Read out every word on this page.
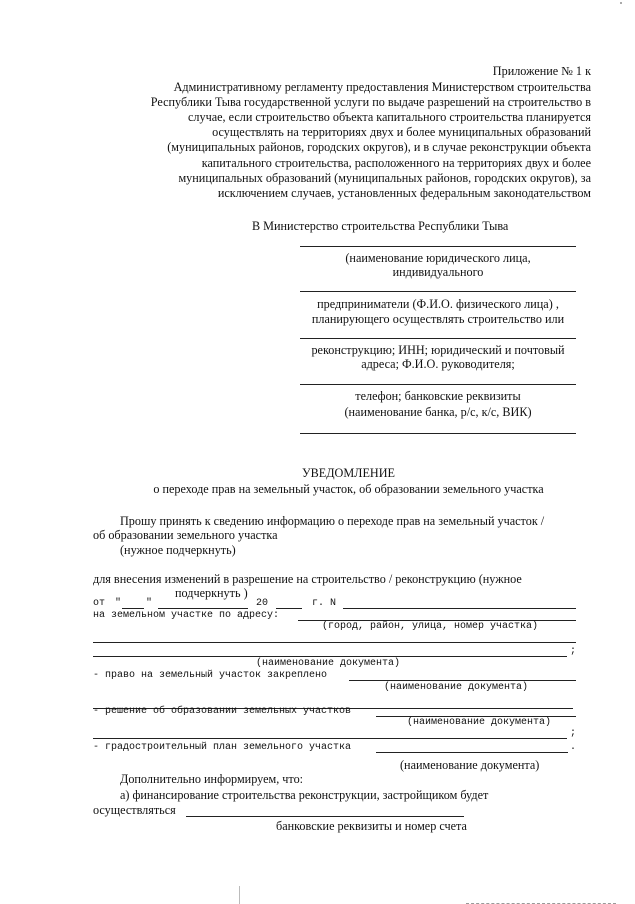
Приложение № 1 к
Административному регламенту предоставления Министерством строительства
Республики Тыва государственной услуги по выдаче разрешений на строительство в
случае, если строительство объекта капитального строительства планируется
осуществлять на территориях двух и более муниципальных образований
(муниципальных районов, городских округов), и в случае реконструкции объекта
капитального строительства, расположенного на территориях двух и более
муниципальных образований (муниципальных районов, городских округов), за
исключением случаев, установленных федеральным законодательством
В Министерство строительства Республики Тыва
(наименование юридического лица,
индивидуального
предприниматели (Ф.И.О. физического лица) ,
планирующего осуществлять строительство или
реконструкцию; ИНН; юридический и почтовый
адреса; Ф.И.О. руководителя;
телефон; банковские реквизиты
(наименование банка, р/с, к/с, ВИК)
УВЕДОМЛЕНИЕ
о переходе прав на земельный участок, об образовании земельного участка
Прошу принять к сведению информацию о переходе прав на земельный участок /
об образовании земельного участка
(нужное подчеркнуть)
для внесения изменений в разрешение на строительство / реконструкцию (нужное
подчеркнуть )
от " "	20	г. N
на земельном участке по адресу:
(город, район, улица, номер участка)
;
(наименование документа)
- право на земельный участок закреплено
(наименование документа)
- решение об образовании земельных участков
(наименование документа)
;
- градостроительный план земельного участка	.
(наименование документа)
Дополнительно информируем, что:
а) финансирование строительства реконструкции, застройщиком будет
осуществляться
банковские реквизиты и номер счета
